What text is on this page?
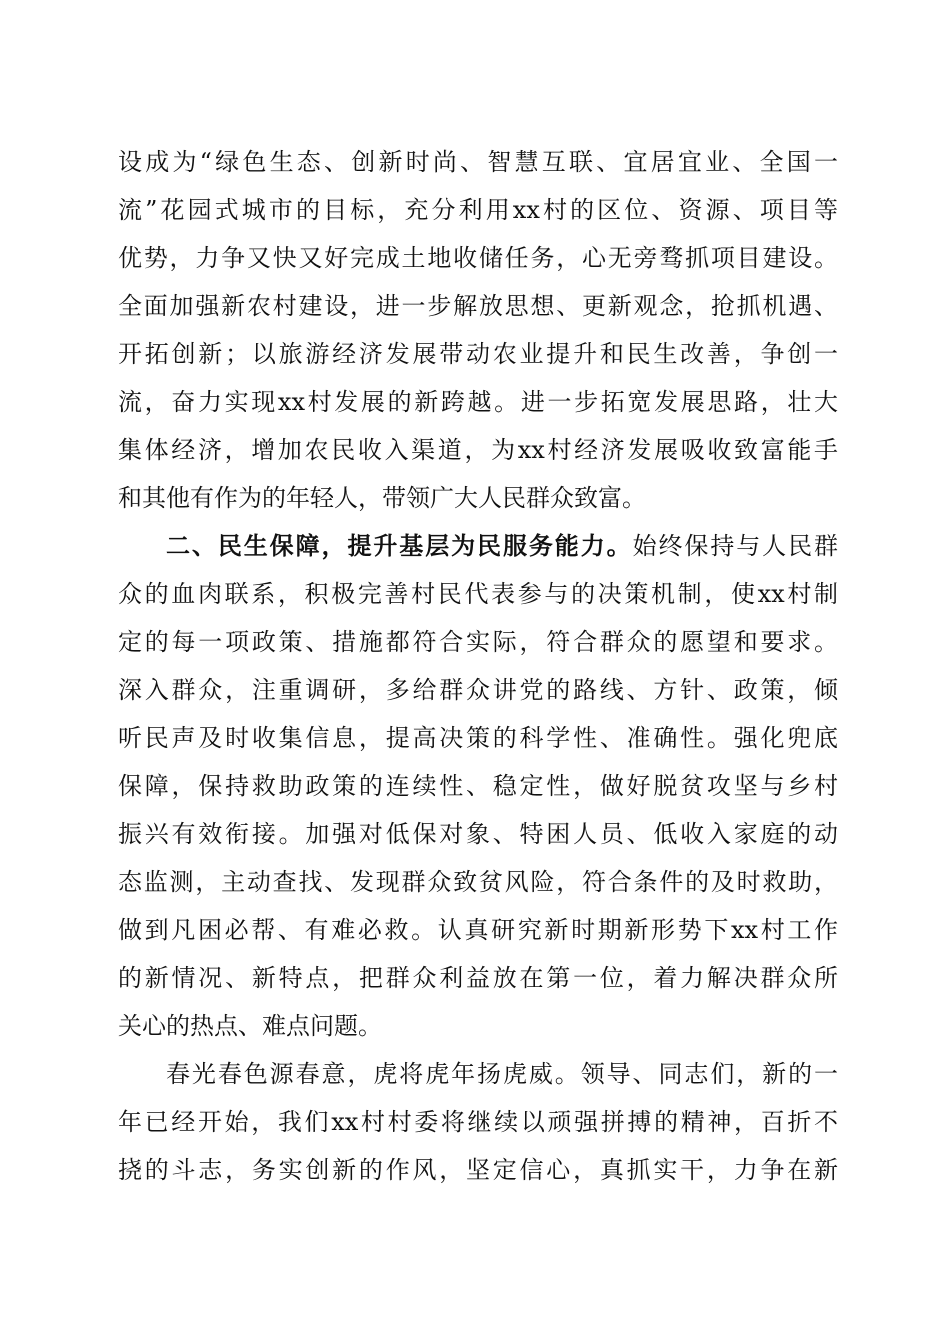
设成为“绿色生态、创新时尚、智慧互联、宜居宜业、全国一
流”花园式城市的目标，充分利用xx村的区位、资源、项目等
优势，力争又快又好完成土地收储任务，心无旁骛抓项目建设。
全面加强新农村建设，进一步解放思想、更新观念，抢抓机遇、
开拓创新；以旅游经济发展带动农业提升和民生改善，争创一
流，奋力实现xx村发展的新跨越。进一步拓宽发展思路，壮大
集体经济，增加农民收入渠道，为xx村经济发展吸收致富能手
和其他有作为的年轻人，带领广大人民群众致富。
二、民生保障，提升基层为民服务能力。始终保持与人民群
众的血肉联系，积极完善村民代表参与的决策机制，使xx村制
定的每一项政策、措施都符合实际，符合群众的愿望和要求。
深入群众，注重调研，多给群众讲党的路线、方针、政策，倾
听民声及时收集信息，提高决策的科学性、准确性。强化兜底
保障，保持救助政策的连续性、稳定性，做好脱贫攻坚与乡村
振兴有效衔接。加强对低保对象、特困人员、低收入家庭的动
态监测，主动查找、发现群众致贫风险，符合条件的及时救助，
做到凡困必帮、有难必救。认真研究新时期新形势下xx村工作
的新情况、新特点，把群众利益放在第一位，着力解决群众所
关心的热点、难点问题。
春光春色源春意，虎将虎年扬虎威。领导、同志们，新的一
年已经开始，我们xx村村委将继续以顽强拼搏的精神，百折不
挠的斗志，务实创新的作风，坚定信心，真抓实干，力争在新
